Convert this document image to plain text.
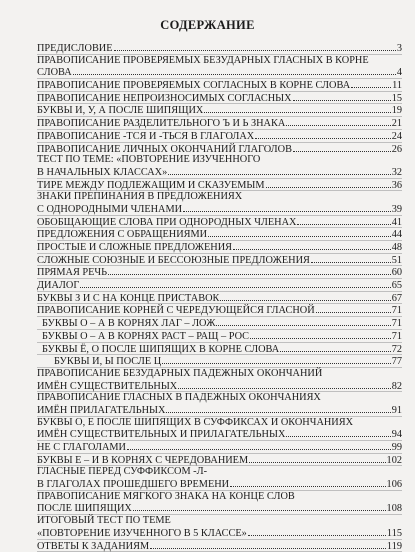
СОДЕРЖАНИЕ
ПРЕДИСЛОВИЕ	3
ПРАВОПИСАНИЕ ПРОВЕРЯЕМЫХ БЕЗУДАРНЫХ ГЛАСНЫХ В КОРНЕ
СЛОВА	4
ПРАВОПИСАНИЕ ПРОВЕРЯЕМЫХ СОГЛАСНЫХ В КОРНЕ СЛОВА	11
ПРАВОПИСАНИЕ НЕПРОИЗНОСИМЫХ СОГЛАСНЫХ	15
БУКВЫ И, У, А ПОСЛЕ ШИПЯЩИХ	19
ПРАВОПИСАНИЕ РАЗДЕЛИТЕЛЬНОГО Ъ И Ь ЗНАКА	21
ПРАВОПИСАНИЕ -ТСЯ И -ТЬСЯ В ГЛАГОЛАХ	24
ПРАВОПИСАНИЕ ЛИЧНЫХ ОКОНЧАНИЙ ГЛАГОЛОВ	26
ТЕСТ ПО ТЕМЕ: «ПОВТОРЕНИЕ ИЗУЧЕННОГО
В НАЧАЛЬНЫХ КЛАССАХ»	32
ТИРЕ МЕЖДУ ПОДЛЕЖАЩИМ И СКАЗУЕМЫМ	36
ЗНАКИ ПРЕПИНАНИЯ В ПРЕДЛОЖЕНИЯХ
С ОДНОРОДНЫМИ ЧЛЕНАМИ	39
ОБОБЩАЮЩИЕ СЛОВА ПРИ ОДНОРОДНЫХ ЧЛЕНАХ	41
ПРЕДЛОЖЕНИЯ С ОБРАЩЕНИЯМИ	44
ПРОСТЫЕ И СЛОЖНЫЕ ПРЕДЛОЖЕНИЯ	48
СЛОЖНЫЕ СОЮЗНЫЕ И БЕССОЮЗНЫЕ ПРЕДЛОЖЕНИЯ	51
ПРЯМАЯ РЕЧЬ	60
ДИАЛОГ	65
БУКВЫ З И С НА КОНЦЕ ПРИСТАВОК	67
ПРАВОПИСАНИЕ КОРНЕЙ С ЧЕРЕДУЮЩЕЙСЯ ГЛАСНОЙ	71
БУКВЫ О – А В КОРНЯХ ЛАГ – ЛОЖ	71
БУКВЫ О – А В КОРНЯХ РАСТ – РАЩ – РОС	71
БУКВЫ Ё, О ПОСЛЕ ШИПЯЩИХ В КОРНЕ СЛОВА	72
БУКВЫ И, Ы ПОСЛЕ Ц	77
ПРАВОПИСАНИЕ БЕЗУДАРНЫХ ПАДЕЖНЫХ ОКОНЧАНИЙ
ИМЁН СУЩЕСТВИТЕЛЬНЫХ	82
ПРАВОПИСАНИЕ ГЛАСНЫХ В ПАДЕЖНЫХ ОКОНЧАНИЯХ
ИМЁН ПРИЛАГАТЕЛЬНЫХ	91
БУКВЫ О, Е ПОСЛЕ ШИПЯЩИХ В СУФФИКСАХ И ОКОНЧАНИЯХ
ИМЁН СУЩЕСТВИТЕЛЬНЫХ И ПРИЛАГАТЕЛЬНЫХ	94
НЕ С ГЛАГОЛАМИ	99
БУКВЫ Е – И В КОРНЯХ С ЧЕРЕДОВАНИЕМ	102
ГЛАСНЫЕ ПЕРЕД СУФФИКСОМ -Л-
В ГЛАГОЛАХ ПРОШЕДШЕГО ВРЕМЕНИ	106
ПРАВОПИСАНИЕ МЯГКОГО ЗНАКА НА КОНЦЕ СЛОВ
ПОСЛЕ ШИПЯЩИХ	108
ИТОГОВЫЙ ТЕСТ ПО ТЕМЕ
«ПОВТОРЕНИЕ ИЗУЧЕННОГО В 5 КЛАССЕ»	115
ОТВЕТЫ К ЗАДАНИЯМ	119
